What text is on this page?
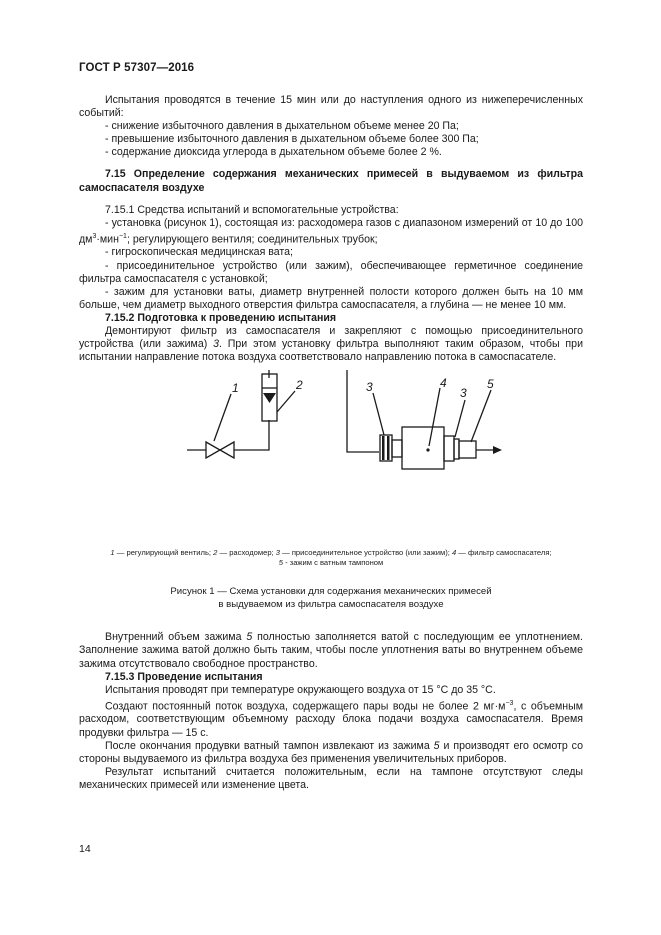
ГОСТ Р 57307—2016

Испытания проводятся в течение 15 мин или до наступления одного из нижеперечисленных событий:

- снижение избыточного давления в дыхательном объеме менее 20 Па;

- превышение избыточного давления в дыхательном объеме более 300 Па;

- содержание диоксида углерода в дыхательном объеме более 2 %.

7.15 Определение содержания механических примесей в выдуваемом из фильтра самоспасателя воздухе

7.15.1 Средства испытаний и вспомогательные устройства:

- установка (рисунок 1), состоящая из: расходомера газов с диапазоном измерений от 10 до 100 $дм^3\cdot мин^{-1}$; регулирующего вентиля; соединительных трубок;

- гигроскопическая медицинская вата;

- присоединительное устройство (или зажим), обеспечивающее герметичное соединение фильтра самоспасателя с установкой;

- зажим для установки ваты, диаметр внутренней полости которого должен быть на 10 мм больше, чем диаметр выходного отверстия фильтра самоспасателя, а глубина — не менее 10 мм.

7.15.2 Подготовка к проведению испытания

Демонтируют фильтр из самоспасателя и закрепляют с помощью присоединительного устройства (или зажима) 3. При этом установку фильтра выполняют таким образом, чтобы при испытании направление потока воздуха соответствовало направлению потока в самоспасателе.

1	2	3	4
3
5
1 — регулирующий вентиль; 2 — расходомер; 3 — присоединительное устройство (или зажим); 4 — фильтр самоспасателя;
5 - зажим с ватным тампоном
Рисунок 1 — Схема установки для содержания механических примесей
в выдуваемом из фильтра самоспасателя воздухе

Внутренний объем зажима 5 полностью заполняется ватой с последующим ее уплотнением. Заполнение зажима ватой должно быть таким, чтобы после уплотнения ваты во внутреннем объеме зажима отсутствовало свободное пространство.

7.15.3 Проведение испытания

Испытания проводят при температуре окружающего воздуха от 15 °С до 35 °С.

Создают постоянный поток воздуха, содержащего пары воды не более 2 $мг\cdot м^{-3}$, с объемным расходом, соответствующим объемному расходу блока подачи воздуха самоспасателя. Время продувки фильтра — 15 с.

После окончания продувки ватный тампон извлекают из зажима 5 и производят его осмотр со стороны выдуваемого из фильтра воздуха без применения увеличительных приборов.

Результат испытаний считается положительным, если на тампоне отсутствуют следы механических примесей или изменение цвета.

14
